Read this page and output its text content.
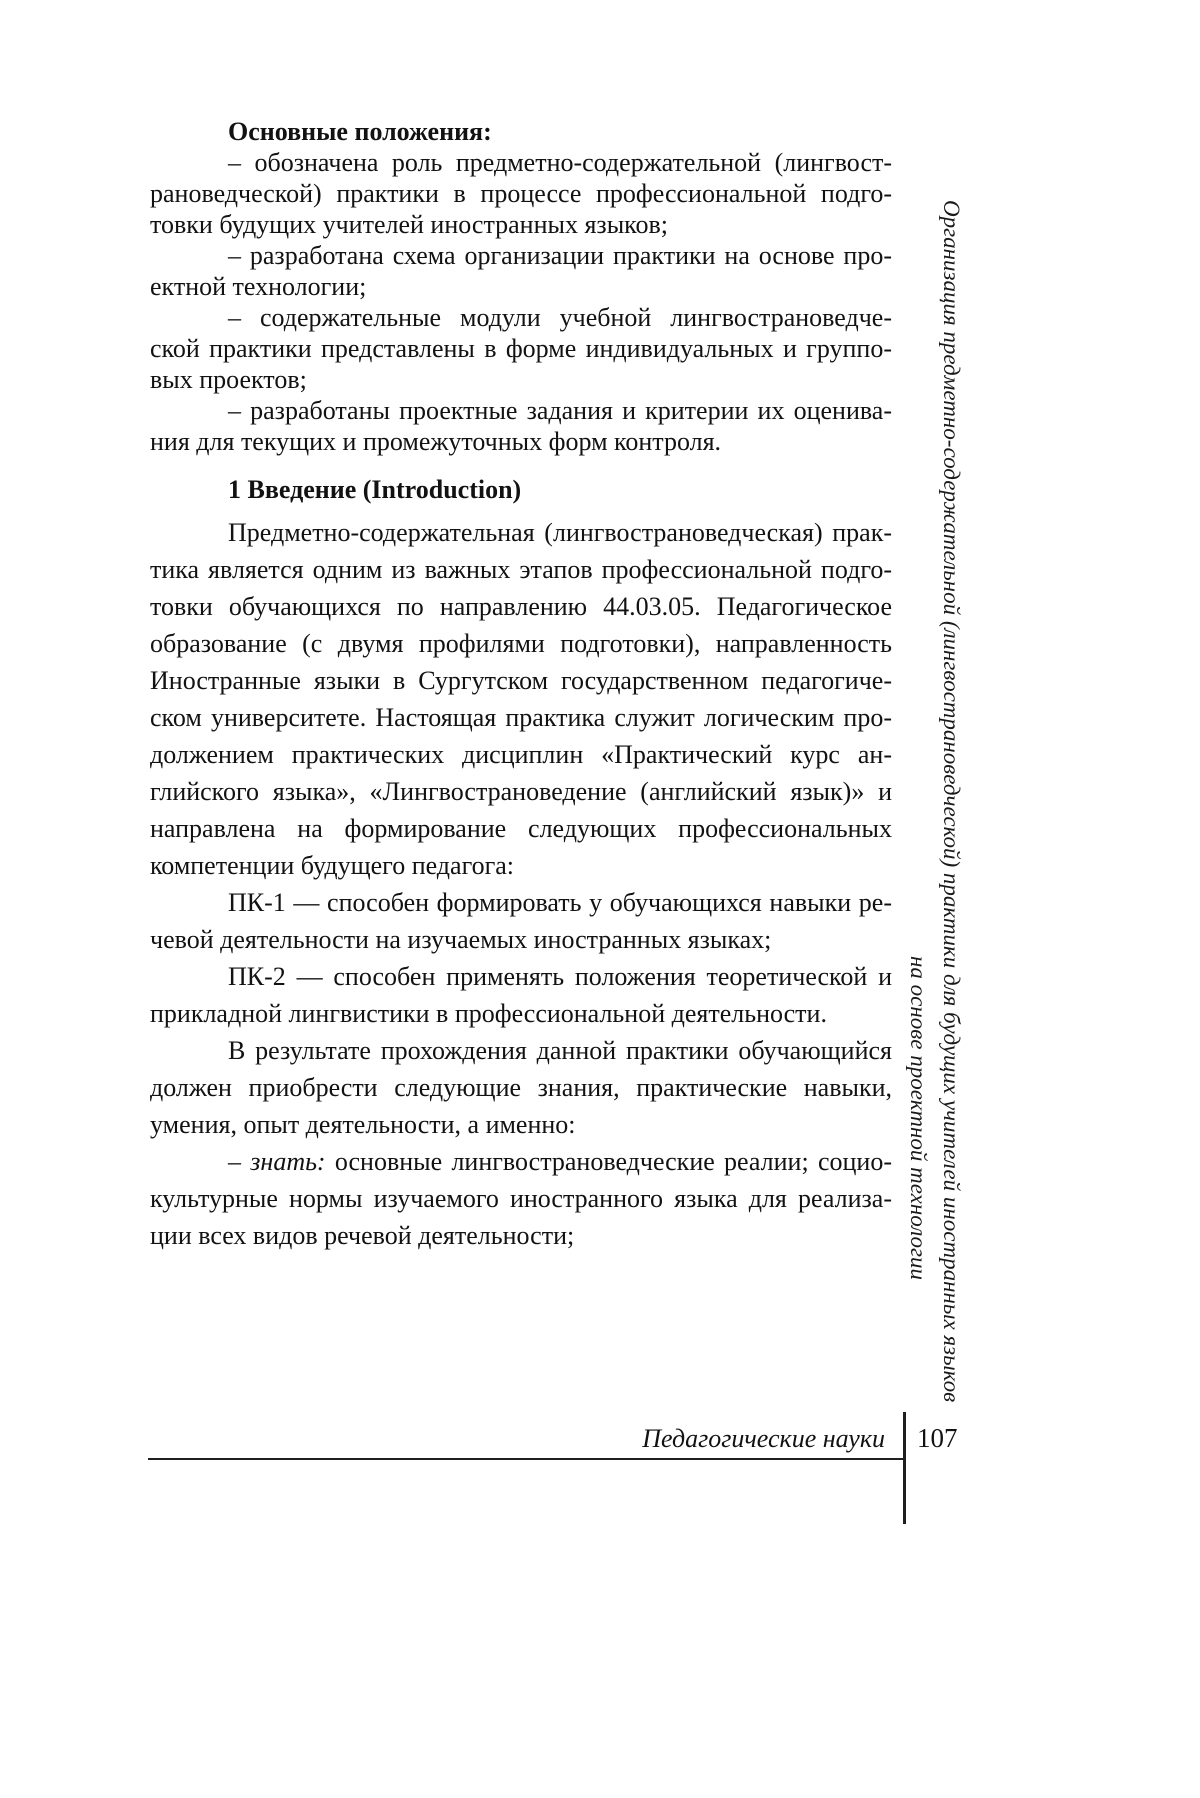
Основные положения:
– обозначена роль предметно-содержательной (лингвост-
рановедческой) практики в процессе профессиональной подго-
товки будущих учителей иностранных языков;
– разработана схема организации практики на основе про-
ектной технологии;
– содержательные модули учебной лингвострановедче-
ской практики представлены в форме индивидуальных и группо-
вых проектов;
– разработаны проектные задания и критерии их оценива-
ния для текущих и промежуточных форм контроля.
1 Введение (Introduction)
Предметно-содержательная (лингвострановедческая) прак-
тика является одним из важных этапов профессиональной подго-
товки обучающихся по направлению 44.03.05. Педагогическое
образование (с двумя профилями подготовки), направленность
Иностранные языки в Сургутском государственном педагогиче-
ском университете. Настоящая практика служит логическим про-
должением практических дисциплин «Практический курс ан-
глийского языка», «Лингвострановедение (английский язык)» и
направлена на формирование следующих профессиональных
компетенции будущего педагога:
ПК-1 — способен формировать у обучающихся навыки ре-
чевой деятельности на изучаемых иностранных языках;
ПК-2 — способен применять положения теоретической и
прикладной лингвистики в профессиональной деятельности.
В результате прохождения данной практики обучающийся
должен приобрести следующие знания, практические навыки,
умения, опыт деятельности, а именно:
– знать: основные лингвострановедческие реалии; социо-
культурные нормы изучаемого иностранного языка для реализа-
ции всех видов речевой деятельности;	Организация предметно-содержательной (лингвострановедческой) практики для будущих учителей иностранных языков
на основе проектной технологии
Педагогические науки	107
